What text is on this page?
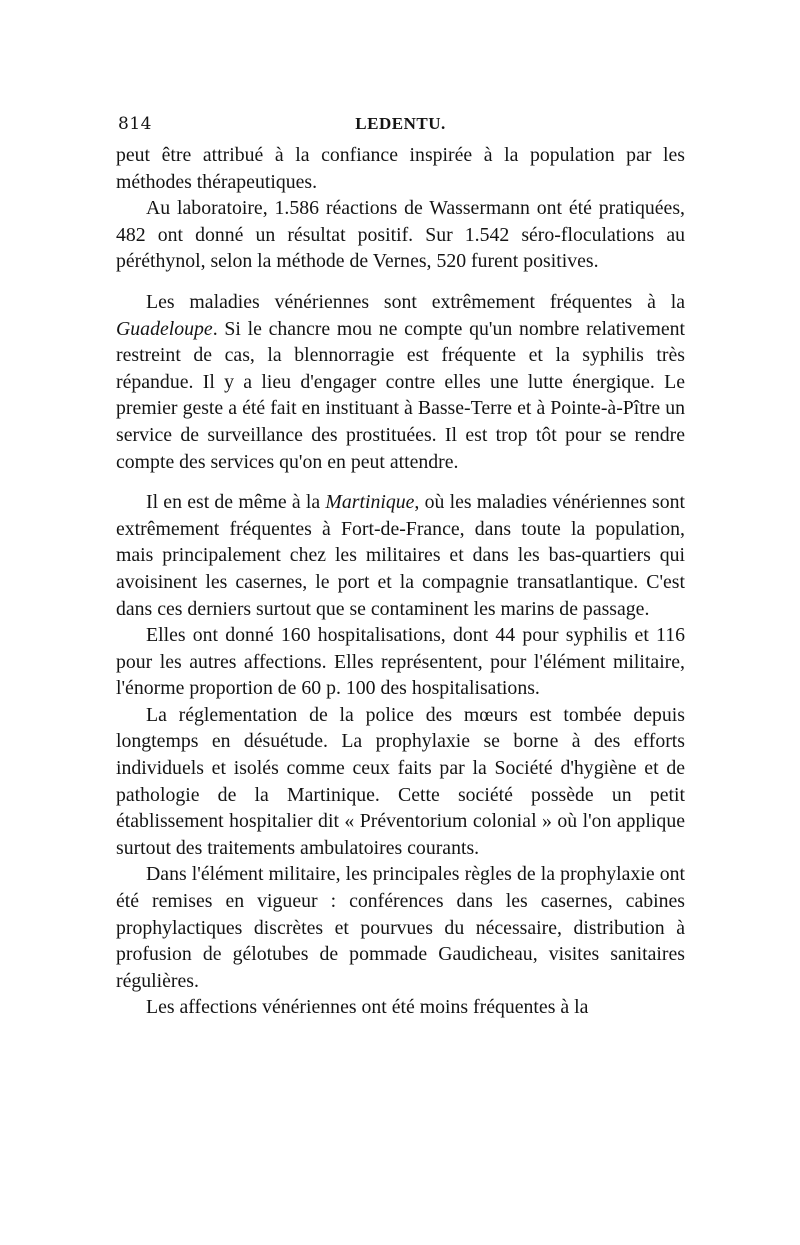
814	LEDENTU.

peut être attribué à la confiance inspirée à la population par les méthodes thérapeutiques.

Au laboratoire, 1.586 réactions de Wassermann ont été pratiquées, 482 ont donné un résultat positif. Sur 1.542 séro-floculations au péréthynol, selon la méthode de Vernes, 520 furent positives.

Les maladies vénériennes sont extrêmement fréquentes à la Guadeloupe. Si le chancre mou ne compte qu'un nombre relativement restreint de cas, la blennorragie est fréquente et la syphilis très répandue. Il y a lieu d'engager contre elles une lutte énergique. Le premier geste a été fait en instituant à Basse-Terre et à Pointe-à-Pître un service de surveillance des prostituées. Il est trop tôt pour se rendre compte des services qu'on en peut attendre.

Il en est de même à la Martinique, où les maladies vénériennes sont extrêmement fréquentes à Fort-de-France, dans toute la population, mais principalement chez les militaires et dans les bas-quartiers qui avoisinent les casernes, le port et la compagnie transatlantique. C'est dans ces derniers surtout que se contaminent les marins de passage.

Elles ont donné 160 hospitalisations, dont 44 pour syphilis et 116 pour les autres affections. Elles représentent, pour l'élément militaire, l'énorme proportion de 60 p. 100 des hospitalisations.

La réglementation de la police des mœurs est tombée depuis longtemps en désuétude. La prophylaxie se borne à des efforts individuels et isolés comme ceux faits par la Société d'hygiène et de pathologie de la Martinique. Cette société possède un petit établissement hospitalier dit « Préventorium colonial » où l'on applique surtout des traitements ambulatoires courants.

Dans l'élément militaire, les principales règles de la prophylaxie ont été remises en vigueur : conférences dans les casernes, cabines prophylactiques discrètes et pourvues du nécessaire, distribution à profusion de gélotubes de pommade Gaudicheau, visites sanitaires régulières.

Les affections vénériennes ont été moins fréquentes à la
